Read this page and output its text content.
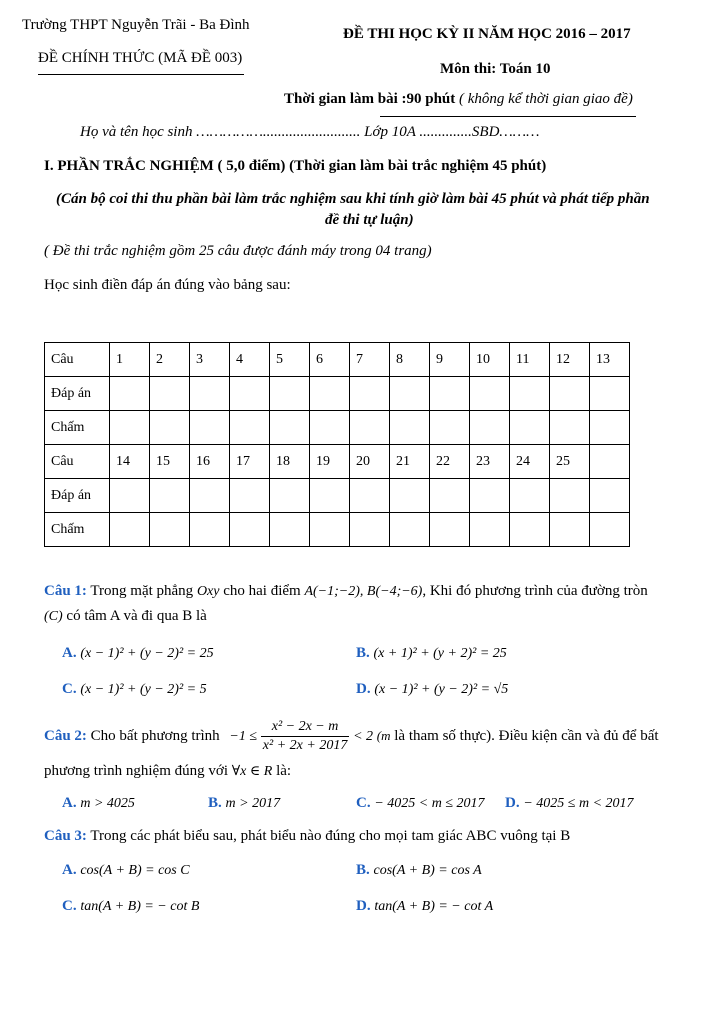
Trường THPT Nguyễn Trãi - Ba Đình
ĐỀ CHÍNH THỨC (MÃ ĐỀ 003)
ĐỀ THI HỌC KỲ II NĂM HỌC 2016 – 2017
Môn thi: Toán 10
Thời gian làm bài :90 phút ( không kể thời gian giao đề)
Họ và tên học sinh …………….......................... Lớp 10A ..............SBD………
I. PHẦN TRẮC NGHIỆM ( 5,0 điểm) (Thời gian làm bài trắc nghiệm 45 phút)
(Cán bộ coi thi thu phần bài làm trắc nghiệm sau khi tính giờ làm bài 45 phút và phát tiếp phần
đề thi tự luận)
( Đề thi trắc nghiệm gồm 25 câu được đánh máy trong 04 trang)
Học sinh điền đáp án đúng vào bảng sau:
Câu	1	2	3	4	5	6	7	8	9	10	11	12	13
Đáp án													
Chấm													
Câu	14	15	16	17	18	19	20	21	22	23	24	25	
Đáp án													
Chấm													
Câu 1: Trong mặt phẳng Oxy cho hai điểm A(−1;−2), B(−4;−6), Khi đó phương trình của đường tròn
(C) có tâm A và đi qua B là
A. (x − 1)² + (y − 2)² = 25	B. (x + 1)² + (y + 2)² = 25
C. (x − 1)² + (y − 2)² = 5	D. (x − 1)² + (y − 2)² = √5
Câu 2: Cho bất phương trình $-1 \le \frac{\text{x² − 2x − m}}{\text{x² + 2x + 2017}} < 2$ (m là tham số thực). Điều kiện cần và đủ để bất
phương trình nghiệm đúng với ∀x ∈ R là:
A. m > 4025	B. m > 2017	C. − 4025 < m ≤ 2017 D. − 4025 ≤ m < 2017
Câu 3: Trong các phát biểu sau, phát biểu nào đúng cho mọi tam giác ABC vuông tại B
A. cos(A + B) = cos C	B. cos(A + B) = cos A
C. tan(A + B) = − cot B	D. tan(A + B) = − cot A
